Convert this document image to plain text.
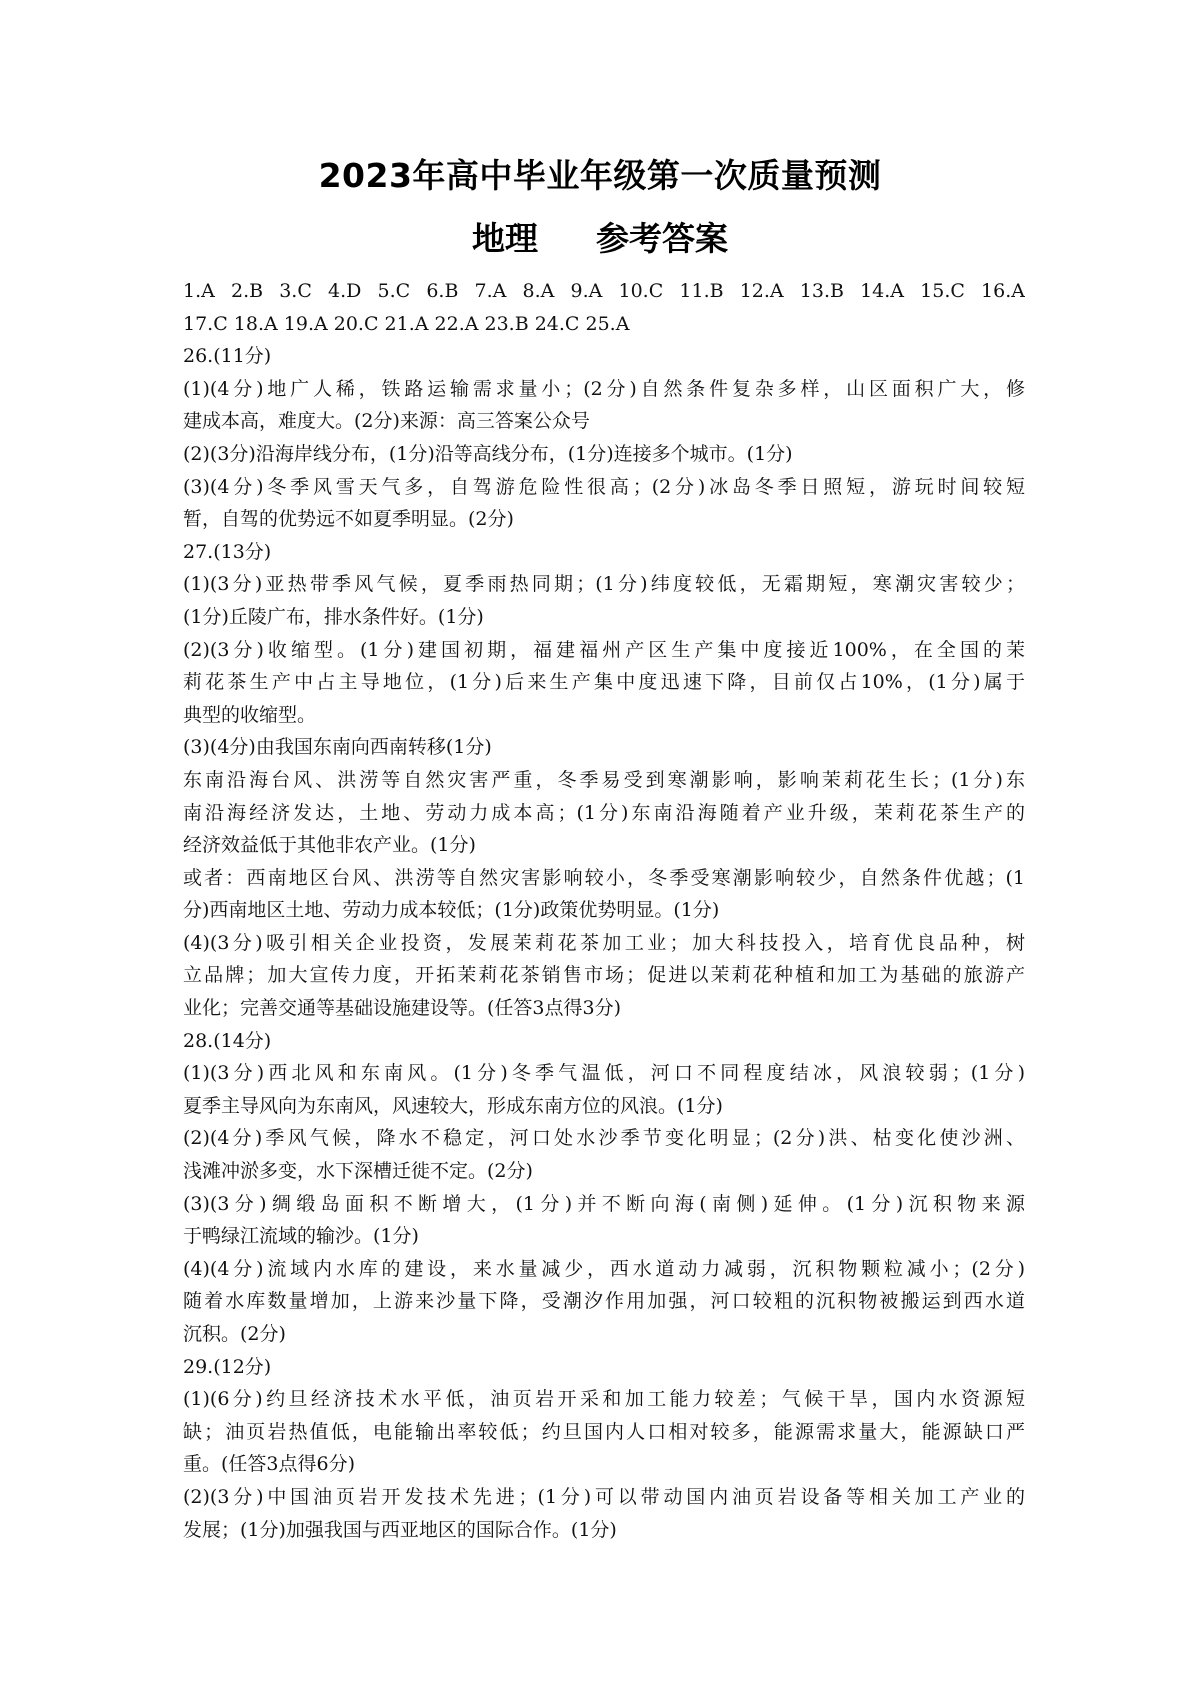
2023年高中毕业年级第一次质量预测
地理 参考答案
1.A 2.B 3.C 4.D 5.C 6.B 7.A 8.A 9.A 10.C 11.B 12.A 13.B 14.A 15.C 16.A
17.C 18.A 19.A 20.C 21.A 22.A 23.B 24.C 25.A
26.(11分)
(1)(4分)地广人稀，铁路运输需求量小；(2分)自然条件复杂多样，山区面积广大，修
建成本高，难度大。(2分)来源：高三答案公众号
(2)(3分)沿海岸线分布，(1分)沿等高线分布，(1分)连接多个城市。(1分)
(3)(4分)冬季风雪天气多，自驾游危险性很高；(2分)冰岛冬季日照短，游玩时间较短
暂，自驾的优势远不如夏季明显。(2分)
27.(13分)
(1)(3分)亚热带季风气候，夏季雨热同期；(1分)纬度较低，无霜期短，寒潮灾害较少；
(1分)丘陵广布，排水条件好。(1分)
(2)(3分)收缩型。(1分)建国初期，福建福州产区生产集中度接近100%，在全国的茉
莉花茶生产中占主导地位，(1分)后来生产集中度迅速下降，目前仅占10%，(1分)属于
典型的收缩型。
(3)(4分)由我国东南向西南转移(1分)
东南沿海台风、洪涝等自然灾害严重，冬季易受到寒潮影响，影响茉莉花生长；(1分)东
南沿海经济发达，土地、劳动力成本高；(1分)东南沿海随着产业升级，茉莉花茶生产的
经济效益低于其他非农产业。(1分)
或者：西南地区台风、洪涝等自然灾害影响较小，冬季受寒潮影响较少，自然条件优越；(1
分)西南地区土地、劳动力成本较低；(1分)政策优势明显。(1分)
(4)(3分)吸引相关企业投资，发展茉莉花茶加工业；加大科技投入，培育优良品种，树
立品牌；加大宣传力度，开拓茉莉花茶销售市场；促进以茉莉花种植和加工为基础的旅游产
业化；完善交通等基础设施建设等。(任答3点得3分)
28.(14分)
(1)(3分)西北风和东南风。(1分)冬季气温低，河口不同程度结冰，风浪较弱；(1分)
夏季主导风向为东南风，风速较大，形成东南方位的风浪。(1分)
(2)(4分)季风气候，降水不稳定，河口处水沙季节变化明显；(2分)洪、枯变化使沙洲、
浅滩冲淤多变，水下深槽迁徙不定。(2分)
(3)(3分)绸缎岛面积不断增大，(1分)并不断向海(南侧)延伸。(1分)沉积物来源
于鸭绿江流域的输沙。(1分)
(4)(4分)流域内水库的建设，来水量减少，西水道动力减弱，沉积物颗粒减小；(2分)
随着水库数量增加，上游来沙量下降，受潮汐作用加强，河口较粗的沉积物被搬运到西水道
沉积。(2分)
29.(12分)
(1)(6分)约旦经济技术水平低，油页岩开采和加工能力较差；气候干旱，国内水资源短
缺；油页岩热值低，电能输出率较低；约旦国内人口相对较多，能源需求量大，能源缺口严
重。(任答3点得6分)
(2)(3分)中国油页岩开发技术先进；(1分)可以带动国内油页岩设备等相关加工产业的
发展；(1分)加强我国与西亚地区的国际合作。(1分)
